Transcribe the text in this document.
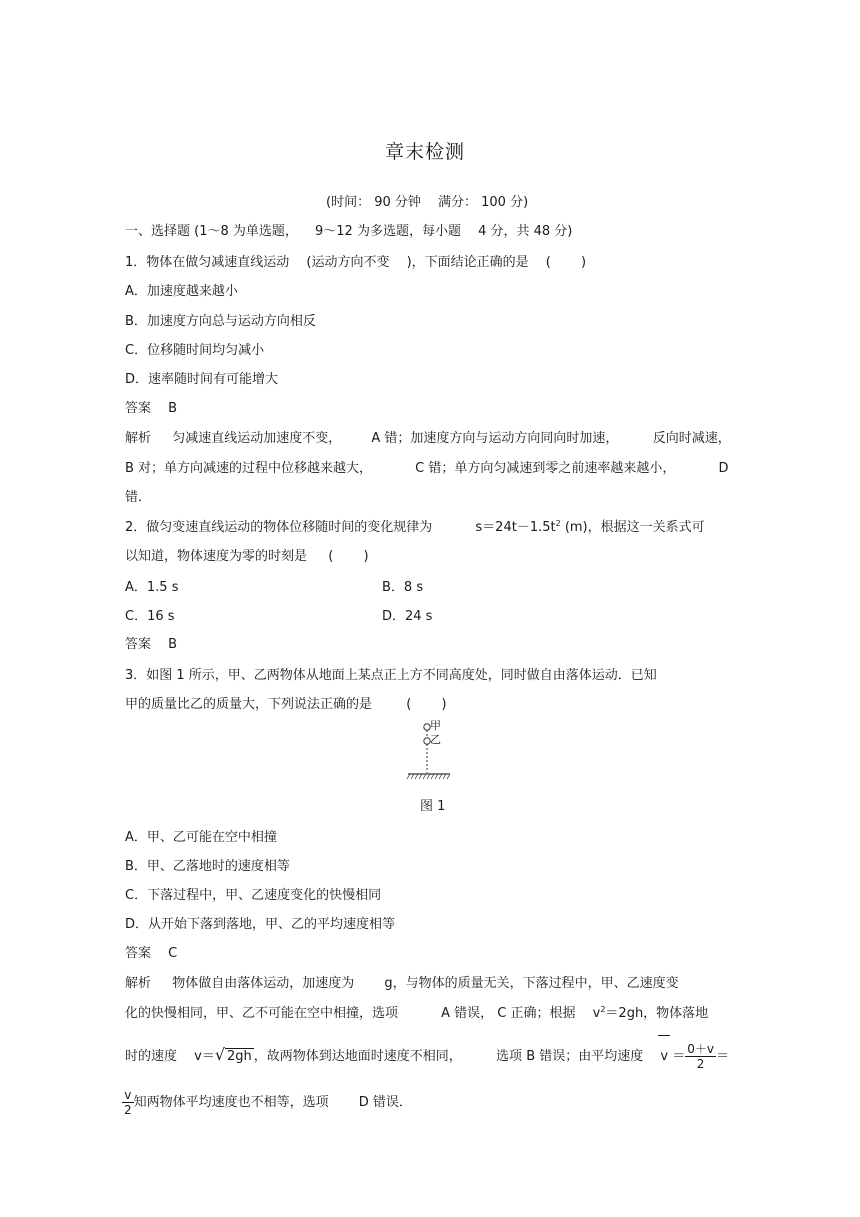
章末检测
(时间： 90 分钟 　满分： 100 分)
一、选择题 (1～8 为单选题， 　9～12 为多选题，每小题 　4 分，共 48 分)
1．物体在做匀减速直线运动 　(运动方向不变 　)，下面结论正确的是 　( 　　)
A．加速度越来越小
B．加速度方向总与运动方向相反
C．位移随时间均匀减小
D．速率随时间有可能增大
答案 　B
解析 　 匀减速直线运动加速度不变， 　　A 错；加速度方向与运动方向同向时加速， 　　 反向时减速，
B 对；单方向减速的过程中位移越来越大， 　　　C 错；单方向匀减速到零之前速率越来越小， 　　　D
错．
2．做匀变速直线运动的物体位移随时间的变化规律为 　　　$s=24t-1.5t^2$ (m)，根据这一关系式可
以知道，物体速度为零的时刻是 　 ( 　　)
A．1.5 s	B．8 s
C．16 s	D．24 s
答案 　B
3．如图 1 所示，甲、乙两物体从地面上某点正上方不同高度处，同时做自由落体运动．已知
甲的质量比乙的质量大，下列说法正确的是 　 　( 　　)
甲
乙
图 1
A．甲、乙可能在空中相撞
B．甲、乙落地时的速度相等
C．下落过程中，甲、乙速度变化的快慢相同
D．从开始下落到落地，甲、乙的平均速度相等
答案 　C
解析 　 物体做自由落体运动，加速度为 　　g，与物体的质量无关，下落过程中，甲、乙速度变
化的快慢相同，甲、乙不可能在空中相撞，选项 　　　A 错误， C 正确；根据 　$v^2=2gh$，物体落地
时的速度 　v＝√ 2gh ，故两物体到达地面时速度不相同， 　　 选项 B 错误；由平均速度 　$v = \frac{0+v}{2}$ ＝
$\frac{v}{2}$ 知两物体平均速度也不相等，选项 　　D 错误．
